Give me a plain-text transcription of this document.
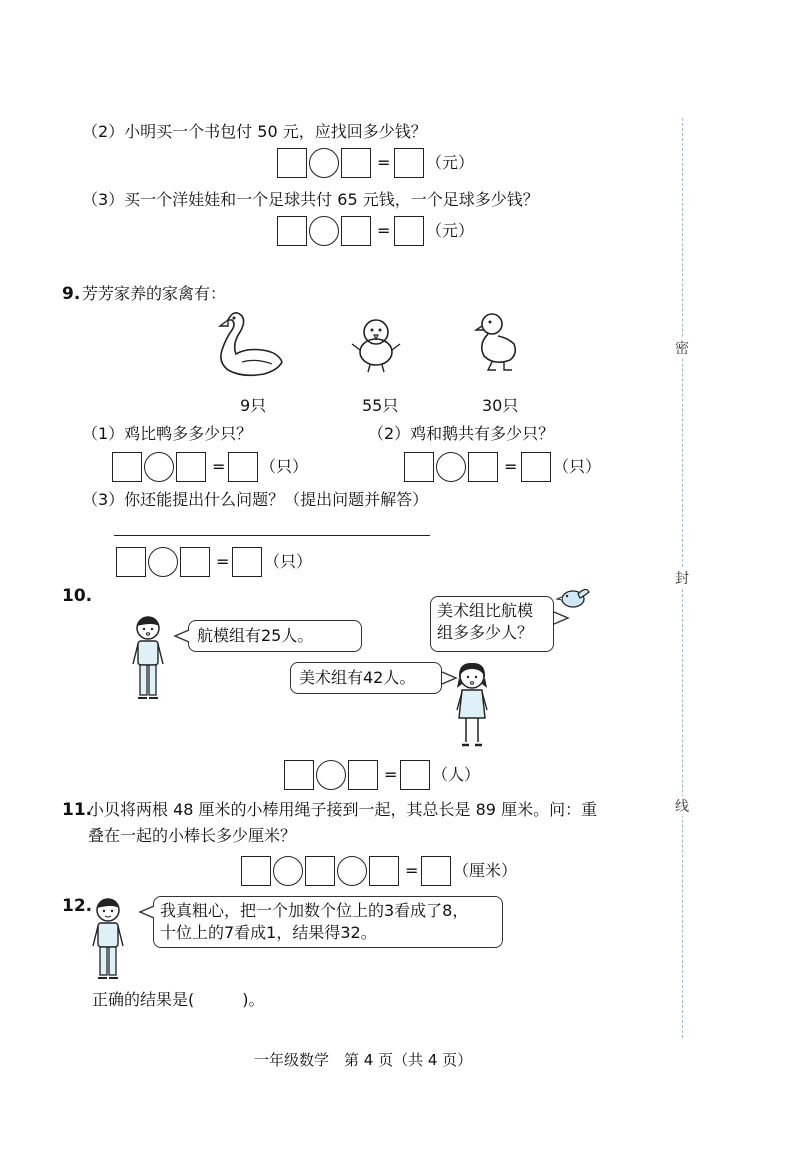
密
封
线
（2）小明买一个书包付 50 元，应找回多少钱？
= （元）
（3）买一个洋娃娃和一个足球共付 65 元钱，一个足球多少钱？
= （元）
9. 芳芳家养的家禽有：
9只	55只	30只
（1）鸡比鸭多多少只？
= （只）
（2）鸡和鹅共有多少只？
= （只）
（3）你还能提出什么问题？（提出问题并解答）
= （只）
10.
航模组有25人。
美术组比航模
组多多少人？
美术组有42人。
= （人）
11.
小贝将两根 48 厘米的小棒用绳子接到一起，其总长是 89 厘米。问：重
叠在一起的小棒长多少厘米？
= （厘米）
12.	我真粗心，把一个加数个位上的3看成了8，
十位上的7看成1，结果得32。
正确的结果是(　　　)。
一年级数学　第 4 页（共 4 页）
